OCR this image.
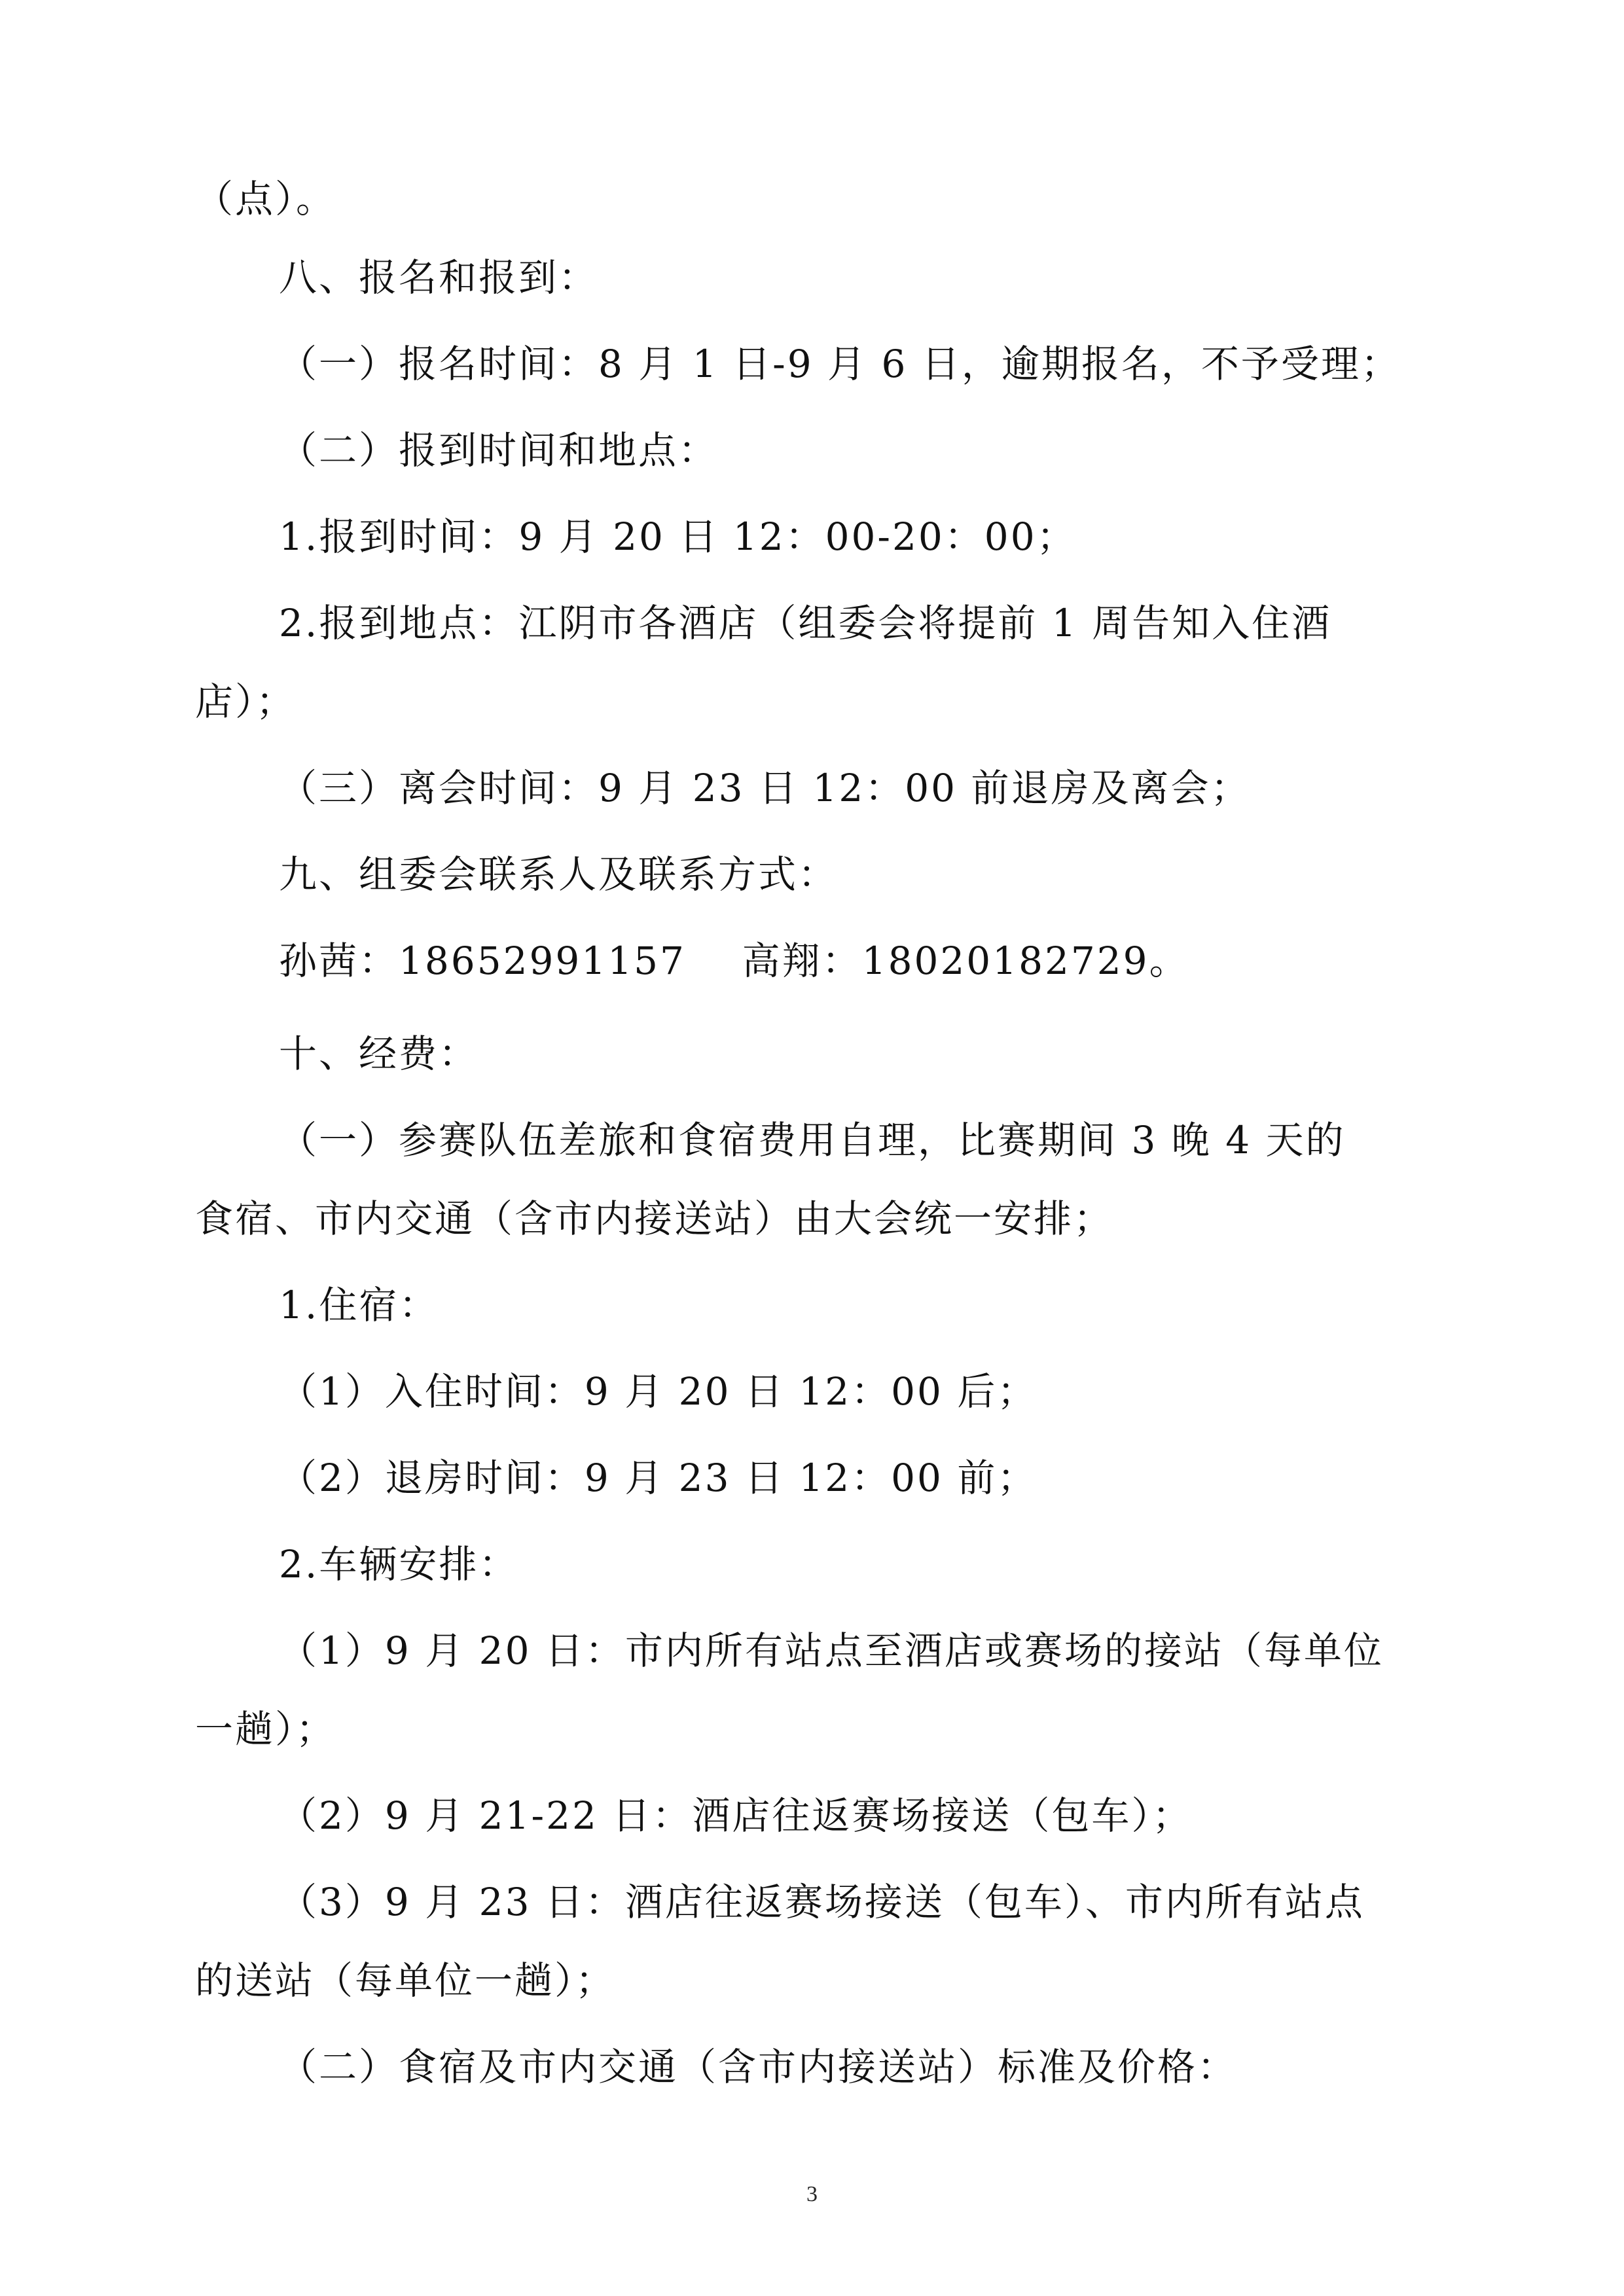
（点）。
八、报名和报到：
（一）报名时间：8 月 1 日-9 月 6 日，逾期报名，不予受理；
（二）报到时间和地点：
1.报到时间：9 月 20 日 12：00-20：00；
2.报到地点：江阴市各酒店（组委会将提前 1 周告知入住酒
店）；
（三）离会时间：9 月 23 日 12：00 前退房及离会；
九、组委会联系人及联系方式：
孙茜：18652991157    高翔：18020182729。
十、经费：
（一）参赛队伍差旅和食宿费用自理，比赛期间 3 晚 4 天的
食宿、市内交通（含市内接送站）由大会统一安排；
1.住宿：
（1）入住时间：9 月 20 日 12：00 后；
（2）退房时间：9 月 23 日 12：00 前；
2.车辆安排：
（1）9 月 20 日：市内所有站点至酒店或赛场的接站（每单位
一趟）；
（2）9 月 21-22 日：酒店往返赛场接送（包车）；
（3）9 月 23 日：酒店往返赛场接送（包车）、市内所有站点
的送站（每单位一趟）；
（二）食宿及市内交通（含市内接送站）标准及价格：
3
